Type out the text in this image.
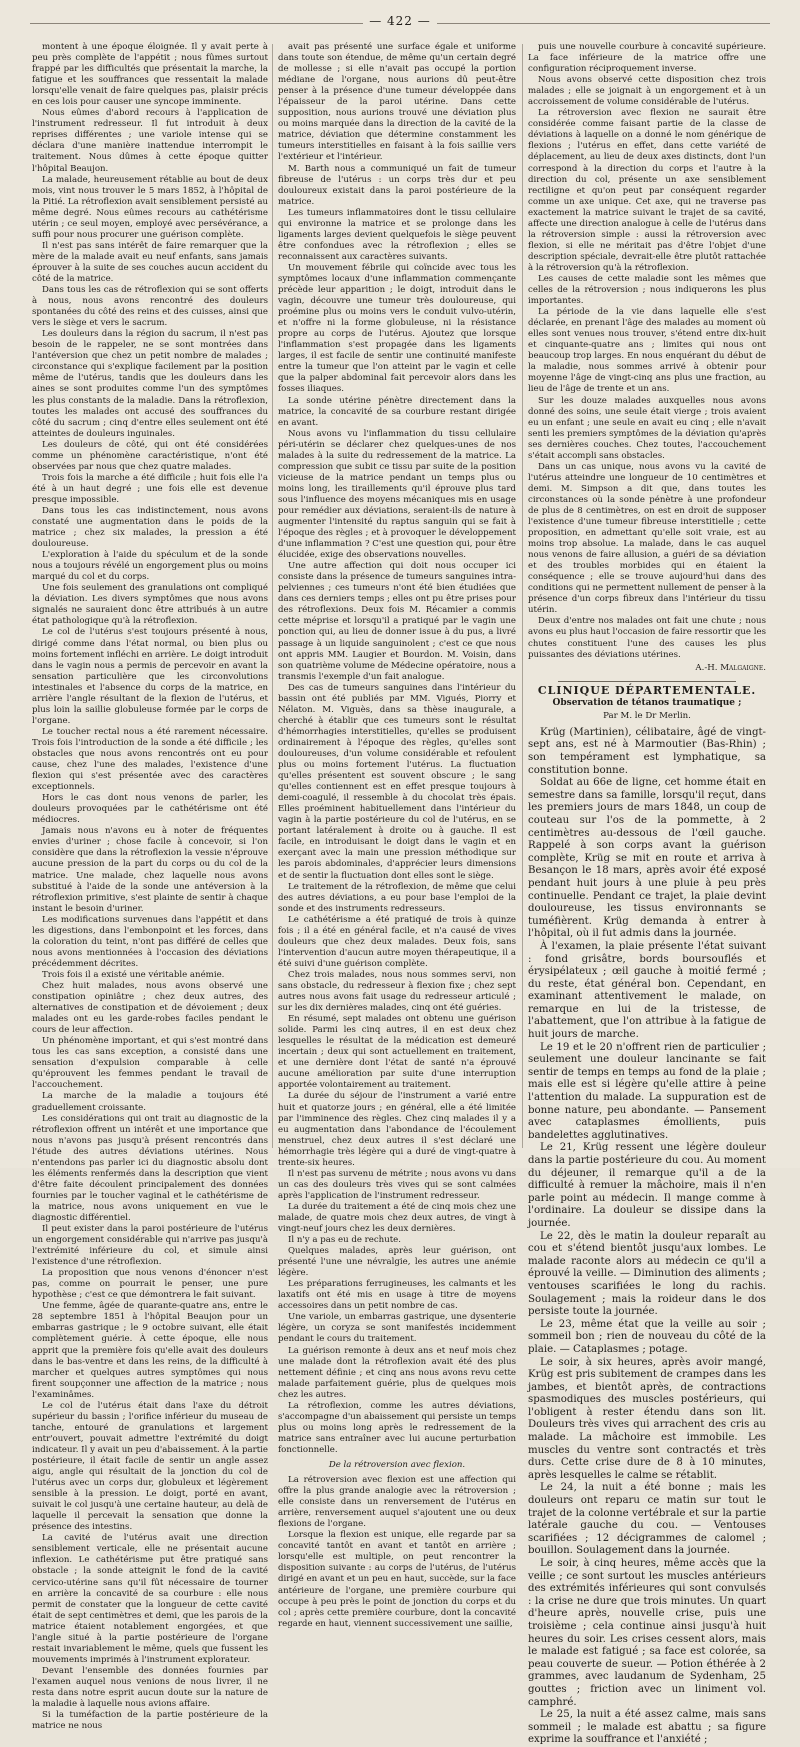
— 422 —

montent à une époque éloignée. Il y avait perte à peu près complète de l'appétit ; nous fûmes surtout frappé par les difficultés que présentait la marche, la fatigue et les souffrances que ressentait la malade lorsqu'elle venait de faire quelques pas, plaisir précis en ces lois pour causer une syncope imminente.

Nous eûmes d'abord recours à l'application de l'instrument redresseur. Il fut introduit à deux reprises différentes ; une variole intense qui se déclara d'une manière inattendue interrompit le traitement. Nous dûmes à cette époque quitter l'hôpital Beaujon.

La malade, heureusement rétablie au bout de deux mois, vint nous trouver le 5 mars 1852, à l'hôpital de la Pitié. La rétroflexion avait sensiblement persisté au même degré. Nous eûmes recours au cathétérisme utérin ; ce seul moyen, employé avec persévérance, a suffi pour nous procurer une guérison complète.

Il n'est pas sans intérêt de faire remarquer que la mère de la malade avait eu neuf enfants, sans jamais éprouver à la suite de ses couches aucun accident du côté de la matrice.

Dans tous les cas de rétroflexion qui se sont offerts à nous, nous avons rencontré des douleurs spontanées du côté des reins et des cuisses, ainsi que vers le siège et vers le sacrum.

Les douleurs dans la région du sacrum, il n'est pas besoin de le rappeler, ne se sont montrées dans l'antéversion que chez un petit nombre de malades ; circonstance qui s'explique facilement par la position même de l'utérus, tandis que les douleurs dans les aines se sont produites comme l'un des symptômes les plus constants de la maladie. Dans la rétroflexion, toutes les malades ont accusé des souffrances du côté du sacrum ; cinq d'entre elles seulement ont été atteintes de douleurs inguinales.

Les douleurs de côté, qui ont été considérées comme un phénomène caractéristique, n'ont été observées par nous que chez quatre malades.

Trois fois la marche a été difficile ; huit fois elle l'a été à un haut degré ; une fois elle est devenue presque impossible.

Dans tous les cas indistinctement, nous avons constaté une augmentation dans le poids de la matrice ; chez six malades, la pression a été douloureuse.

L'exploration à l'aide du spéculum et de la sonde nous a toujours révélé un engorgement plus ou moins marqué du col et du corps.

Une fois seulement des granulations ont compliqué la déviation. Les divers symptômes que nous avons signalés ne sauraient donc être attribués à un autre état pathologique qu'à la rétroflexion.

Le col de l'utérus s'est toujours présenté à nous, dirigé comme dans l'état normal, ou bien plus ou moins fortement infléchi en arrière. Le doigt introduit dans le vagin nous a permis de percevoir en avant la sensation particulière que les circonvolutions intestinales et l'absence du corps de la matrice, en arrière l'angle résultant de la flexion de l'utérus, et plus loin la saillie globuleuse formée par le corps de l'organe.

Le toucher rectal nous a été rarement nécessaire. Trois fois l'introduction de la sonde a été difficile ; les obstacles que nous avons rencontrés ont eu pour cause, chez l'une des malades, l'existence d'une flexion qui s'est présentée avec des caractères exceptionnels.

Hors le cas dont nous venons de parler, les douleurs provoquées par le cathétérisme ont été médiocres.

Jamais nous n'avons eu à noter de fréquentes envies d'uriner ; chose facile à concevoir, si l'on considère que dans la rétroflexion la vessie n'éprouve aucune pression de la part du corps ou du col de la matrice. Une malade, chez laquelle nous avons substitué à l'aide de la sonde une antéversion à la rétroflexion primitive, s'est plainte de sentir à chaque instant le besoin d'uriner.

Les modifications survenues dans l'appétit et dans les digestions, dans l'embonpoint et les forces, dans la coloration du teint, n'ont pas différé de celles que nous avons mentionnées à l'occasion des déviations précédemment décrites.

Trois fois il a existé une véritable anémie.

Chez huit malades, nous avons observé une constipation opiniâtre ; chez deux autres, des alternatives de constipation et de dévoiement ; deux malades ont eu les garde-robes faciles pendant le cours de leur affection.

Un phénomène important, et qui s'est montré dans tous les cas sans exception, a consisté dans une sensation d'expulsion comparable à celle qu'éprouvent les femmes pendant le travail de l'accouchement.

La marche de la maladie a toujours été graduellement croissante.

Les considérations qui ont trait au diagnostic de la rétroflexion offrent un intérêt et une importance que nous n'avons pas jusqu'à présent rencontrés dans l'étude des autres déviations utérines. Nous n'entendons pas parler ici du diagnostic absolu dont les éléments renfermés dans la description que vient d'être faite découlent principalement des données fournies par le toucher vaginal et le cathétérisme de la matrice, nous avons uniquement en vue le diagnostic différentiel.

Il peut exister dans la paroi postérieure de l'utérus un engorgement considérable qui n'arrive pas jusqu'à l'extrémité inférieure du col, et simule ainsi l'existence d'une rétroflexion.

La proposition que nous venons d'énoncer n'est pas, comme on pourrait le penser, une pure hypothèse ; c'est ce que démontrera le fait suivant.

Une femme, âgée de quarante-quatre ans, entre le 28 septembre 1851 à l'hôpital Beaujon pour un embarras gastrique ; le 9 octobre suivant, elle était complètement guérie. À cette époque, elle nous apprit que la première fois qu'elle avait des douleurs dans le bas-ventre et dans les reins, de la difficulté à marcher et quelques autres symptômes qui nous firent soupçonner une affection de la matrice ; nous l'examinâmes.

Le col de l'utérus était dans l'axe du détroit supérieur du bassin ; l'orifice inférieur du museau de tanche, entouré de granulations et largement entr'ouvert, pouvait admettre l'extrémité du doigt indicateur. Il y avait un peu d'abaissement. À la partie postérieure, il était facile de sentir un angle assez aigu, angle qui résultait de la jonction du col de l'utérus avec un corps dur, globuleux et légèrement sensible à la pression. Le doigt, porté en avant, suivait le col jusqu'à une certaine hauteur, au delà de laquelle il percevait la sensation que donne la présence des intestins.

La cavité de l'utérus avait une direction sensiblement verticale, elle ne présentait aucune inflexion. Le cathétérisme put être pratiqué sans obstacle ; la sonde atteignit le fond de la cavité cervico-utérine sans qu'il fût nécessaire de tourner en arrière la concavité de sa courbure : elle nous permit de constater que la longueur de cette cavité était de sept centimètres et demi, que les parois de la matrice étaient notablement engorgées, et que l'angle situé à la partie postérieure de l'organe restait invariablement le même, quels que fussent les mouvements imprimés à l'instrument explorateur.

Devant l'ensemble des données fournies par l'examen auquel nous venions de nous livrer, il ne resta dans notre esprit aucun doute sur la nature de la maladie à laquelle nous avions affaire.

Si la tuméfaction de la partie postérieure de la matrice ne nous

avait pas présenté une surface égale et uniforme dans toute son étendue, de même qu'un certain degré de mollesse ; si elle n'avait pas occupé la portion médiane de l'organe, nous aurions dû peut-être penser à la présence d'une tumeur développée dans l'épaisseur de la paroi utérine. Dans cette supposition, nous aurions trouvé une déviation plus ou moins marquée dans la direction de la cavité de la matrice, déviation que détermine constamment les tumeurs interstitielles en faisant à la fois saillie vers l'extérieur et l'intérieur.

M. Barth nous a communiqué un fait de tumeur fibreuse de l'utérus : un corps très dur et peu douloureux existait dans la paroi postérieure de la matrice.

Les tumeurs inflammatoires dont le tissu cellulaire qui environne la matrice et se prolonge dans les ligaments larges devient quelquefois le siège peuvent être confondues avec la rétroflexion ; elles se reconnaissent aux caractères suivants.

Un mouvement fébrile qui coïncide avec tous les symptômes locaux d'une inflammation commençante précède leur apparition ; le doigt, introduit dans le vagin, découvre une tumeur très douloureuse, qui proémine plus ou moins vers le conduit vulvo-utérin, et n'offre ni la forme globuleuse, ni la résistance propre au corps de l'utérus. Ajoutez que lorsque l'inflammation s'est propagée dans les ligaments larges, il est facile de sentir une continuité manifeste entre la tumeur que l'on atteint par le vagin et celle que la palper abdominal fait percevoir alors dans les fosses iliaques.

La sonde utérine pénètre directement dans la matrice, la concavité de sa courbure restant dirigée en avant.

Nous avons vu l'inflammation du tissu cellulaire péri-utérin se déclarer chez quelques-unes de nos malades à la suite du redressement de la matrice. La compression que subit ce tissu par suite de la position vicieuse de la matrice pendant un temps plus ou moins long, les tiraillements qu'il éprouve plus tard sous l'influence des moyens mécaniques mis en usage pour remédier aux déviations, seraient-ils de nature à augmenter l'intensité du raptus sanguin qui se fait à l'époque des règles ; et à provoquer le développement d'une inflammation ? C'est une question qui, pour être élucidée, exige des observations nouvelles.

Une autre affection qui doit nous occuper ici consiste dans la présence de tumeurs sanguines intra-pelviennes ; ces tumeurs n'ont été bien étudiées que dans ces derniers temps ; elles ont pu être prises pour des rétroflexions. Deux fois M. Récamier a commis cette méprise et lorsqu'il a pratiqué par le vagin une ponction qui, au lieu de donner issue à du pus, a livré passage à un liquide sanguinolent ; c'est ce que nous ont appris MM. Laugier et Bourdon. M. Voisin, dans son quatrième volume de Médecine opératoire, nous a transmis l'exemple d'un fait analogue.

Des cas de tumeurs sanguines dans l'intérieur du bassin ont été publiés par MM. Vigués, Piorry et Nélaton. M. Viguès, dans sa thèse inaugurale, a cherché à établir que ces tumeurs sont le résultat d'hémorrhagies interstitielles, qu'elles se produisent ordinairement à l'époque des règles, qu'elles sont douloureuses, d'un volume considérable et refoulent plus ou moins fortement l'utérus. La fluctuation qu'elles présentent est souvent obscure ; le sang qu'elles contiennent est en effet presque toujours à demi-coagulé, il ressemble à du chocolat très épais. Elles proéminent habituellement dans l'intérieur du vagin à la partie postérieure du col de l'utérus, en se portant latéralement à droite ou à gauche. Il est facile, en introduisant le doigt dans le vagin et en exerçant avec la main une pression méthodique sur les parois abdominales, d'apprécier leurs dimensions et de sentir la fluctuation dont elles sont le siège.

Le traitement de la rétroflexion, de même que celui des autres déviations, a eu pour base l'emploi de la sonde et des instruments redresseurs.

Le cathétérisme a été pratiqué de trois à quinze fois ; il a été en général facile, et n'a causé de vives douleurs que chez deux malades. Deux fois, sans l'intervention d'aucun autre moyen thérapeutique, il a été suivi d'une guérison complète.

Chez trois malades, nous nous sommes servi, non sans obstacle, du redresseur à flexion fixe ; chez sept autres nous avons fait usage du redresseur articulé ; sur les dix dernières malades, cinq ont été guéries.

En résumé, sept malades ont obtenu une guérison solide. Parmi les cinq autres, il en est deux chez lesquelles le résultat de la médication est demeuré incertain ; deux qui sont actuellement en traitement, et une dernière dont l'état de santé n'a éprouvé aucune amélioration par suite d'une interruption apportée volontairement au traitement.

La durée du séjour de l'instrument a varié entre huit et quatorze jours ; en général, elle a été limitée par l'imminence des règles. Chez cinq malades il y a eu augmentation dans l'abondance de l'écoulement menstruel, chez deux autres il s'est déclaré une hémorrhagie très légère qui a duré de vingt-quatre à trente-six heures.

Il n'est pas survenu de métrite ; nous avons vu dans un cas des douleurs très vives qui se sont calmées après l'application de l'instrument redresseur.

La durée du traitement a été de cinq mois chez une malade, de quatre mois chez deux autres, de vingt à vingt-neuf jours chez les deux dernières.

Il n'y a pas eu de rechute.

Quelques malades, après leur guérison, ont présenté l'une une névralgie, les autres une anémie légère.

Les préparations ferrugineuses, les calmants et les laxatifs ont été mis en usage à titre de moyens accessoires dans un petit nombre de cas.

Une variole, un embarras gastrique, une dysenterie légère, un coryza se sont manifestés incidemment pendant le cours du traitement.

La guérison remonte à deux ans et neuf mois chez une malade dont la rétroflexion avait été des plus nettement définie ; et cinq ans nous avons revu cette malade parfaitement guérie, plus de quelques mois chez les autres.

La rétroflexion, comme les autres déviations, s'accompagne d'un abaissement qui persiste un temps plus ou moins long après le redressement de la matrice sans entraîner avec lui aucune perturbation fonctionnelle.

De la rétroversion avec flexion.

La rétroversion avec flexion est une affection qui offre la plus grande analogie avec la rétroversion ; elle consiste dans un renversement de l'utérus en arrière, renversement auquel s'ajoutent une ou deux flexions de l'organe.

Lorsque la flexion est unique, elle regarde par sa concavité tantôt en avant et tantôt en arrière ; lorsqu'elle est multiple, on peut rencontrer la disposition suivante : au corps de l'utérus, de l'utérus dirigé en avant et un peu en haut, succède, sur la face antérieure de l'organe, une première courbure qui occupe à peu près le point de jonction du corps et du col ; après cette première courbure, dont la concavité regarde en haut, viennent successivement une saillie,

puis une nouvelle courbure à concavité supérieure. La face inférieure de la matrice offre une configuration réciproquement inverse.

Nous avons observé cette disposition chez trois malades ; elle se joignait à un engorgement et à un accroissement de volume considérable de l'utérus.

La rétroversion avec flexion ne saurait être considérée comme faisant partie de la classe de déviations à laquelle on a donné le nom générique de flexions ; l'utérus en effet, dans cette variété de déplacement, au lieu de deux axes distincts, dont l'un correspond à la direction du corps et l'autre à la direction du col, présente un axe sensiblement rectiligne et qu'on peut par conséquent regarder comme un axe unique. Cet axe, qui ne traverse pas exactement la matrice suivant le trajet de sa cavité, affecte une direction analogue à celle de l'utérus dans la rétroversion simple : aussi la rétroversion avec flexion, si elle ne méritait pas d'être l'objet d'une description spéciale, devrait-elle être plutôt rattachée à la rétroversion qu'à la rétroflexion.

Les causes de cette maladie sont les mêmes que celles de la rétroversion ; nous indiquerons les plus importantes.

La période de la vie dans laquelle elle s'est déclarée, en prenant l'âge des malades au moment où elles sont venues nous trouver, s'étend entre dix-huit et cinquante-quatre ans ; limites qui nous ont beaucoup trop larges. En nous enquérant du début de la maladie, nous sommes arrivé à obtenir pour moyenne l'âge de vingt-cinq ans plus une fraction, au lieu de l'âge de trente et un ans.

Sur les douze malades auxquelles nous avons donné des soins, une seule était vierge ; trois avaient eu un enfant ; une seule en avait eu cinq ; elle n'avait senti les premiers symptômes de la déviation qu'après ses dernières couches. Chez toutes, l'accouchement s'était accompli sans obstacles.

Dans un cas unique, nous avons vu la cavité de l'utérus atteindre une longueur de 10 centimètres et demi. M. Simpson a dit que, dans toutes les circonstances où la sonde pénètre à une profondeur de plus de 8 centimètres, on est en droit de supposer l'existence d'une tumeur fibreuse interstitielle ; cette proposition, en admettant qu'elle soit vraie, est au moins trop absolue. La malade, dans le cas auquel nous venons de faire allusion, a guéri de sa déviation et des troubles morbides qui en étaient la conséquence ; elle se trouve aujourd'hui dans des conditions qui ne permettent nullement de penser à la présence d'un corps fibreux dans l'intérieur du tissu utérin.

Deux d'entre nos malades ont fait une chute ; nous avons eu plus haut l'occasion de faire ressortir que les chutes constituent l'une des causes les plus puissantes des déviations utérines.

A.-H. Malgaigne.

CLINIQUE DÉPARTEMENTALE.
Observation de tétanos traumatique ;
Par M. le Dr Merlin.

Krüg (Martinien), célibataire, âgé de vingt-sept ans, est né à Marmoutier (Bas-Rhin) ; son tempérament est lymphatique, sa constitution bonne.

Soldat au 66e de ligne, cet homme était en semestre dans sa famille, lorsqu'il reçut, dans les premiers jours de mars 1848, un coup de couteau sur l'os de la pommette, à 2 centimètres au-dessous de l'œil gauche. Rappelé à son corps avant la guérison complète, Krüg se mit en route et arriva à Besançon le 18 mars, après avoir été exposé pendant huit jours à une pluie à peu près continuelle. Pendant ce trajet, la plaie devint douloureuse, les tissus environnants se tuméfièrent. Krüg demanda à entrer à l'hôpital, où il fut admis dans la journée.

À l'examen, la plaie présente l'état suivant : fond grisâtre, bords boursouflés et érysipélateux ; œil gauche à moitié fermé ; du reste, état général bon. Cependant, en examinant attentivement le malade, on remarque en lui de la tristesse, de l'abattement, que l'on attribue à la fatigue de huit jours de marche.

Le 19 et le 20 n'offrent rien de particulier ; seulement une douleur lancinante se fait sentir de temps en temps au fond de la plaie ; mais elle est si légère qu'elle attire à peine l'attention du malade. La suppuration est de bonne nature, peu abondante. — Pansement avec cataplasmes émollients, puis bandelettes agglutinatives.

Le 21, Krüg ressent une légère douleur dans la partie postérieure du cou. Au moment du déjeuner, il remarque qu'il a de la difficulté à remuer la mâchoire, mais il n'en parle point au médecin. Il mange comme à l'ordinaire. La douleur se dissipe dans la journée.

Le 22, dès le matin la douleur reparaît au cou et s'étend bientôt jusqu'aux lombes. Le malade raconte alors au médecin ce qu'il a éprouvé la veille. — Diminution des aliments ; ventouses scarifiées le long du rachis. Soulagement ; mais la roideur dans le dos persiste toute la journée.

Le 23, même état que la veille au soir ; sommeil bon ; rien de nouveau du côté de la plaie. — Cataplasmes ; potage.

Le soir, à six heures, après avoir mangé, Krüg est pris subitement de crampes dans les jambes, et bientôt après, de contractions spasmodiques des muscles postérieurs, qui l'obligent à rester étendu dans son lit. Douleurs très vives qui arrachent des cris au malade. La mâchoire est immobile. Les muscles du ventre sont contractés et très durs. Cette crise dure de 8 à 10 minutes, après lesquelles le calme se rétablit.

Le 24, la nuit a été bonne ; mais les douleurs ont reparu ce matin sur tout le trajet de la colonne vertébrale et sur la partie latérale gauche du cou. — Ventouses scarifiées ; 12 décigrammes de calomel ; bouillon. Soulagement dans la journée.

Le soir, à cinq heures, même accès que la veille ; ce sont surtout les muscles antérieurs des extrémités inférieures qui sont convulsés : la crise ne dure que trois minutes. Un quart d'heure après, nouvelle crise, puis une troisième ; cela continue ainsi jusqu'à huit heures du soir. Les crises cessent alors, mais le malade est fatigué ; sa face est colorée, sa peau couverte de sueur. — Potion éthérée à 2 grammes, avec laudanum de Sydenham, 25 gouttes ; friction avec un liniment vol. camphré.

Le 25, la nuit a été assez calme, mais sans sommeil ; le malade est abattu ; sa figure exprime la souffrance et l'anxiété ;
